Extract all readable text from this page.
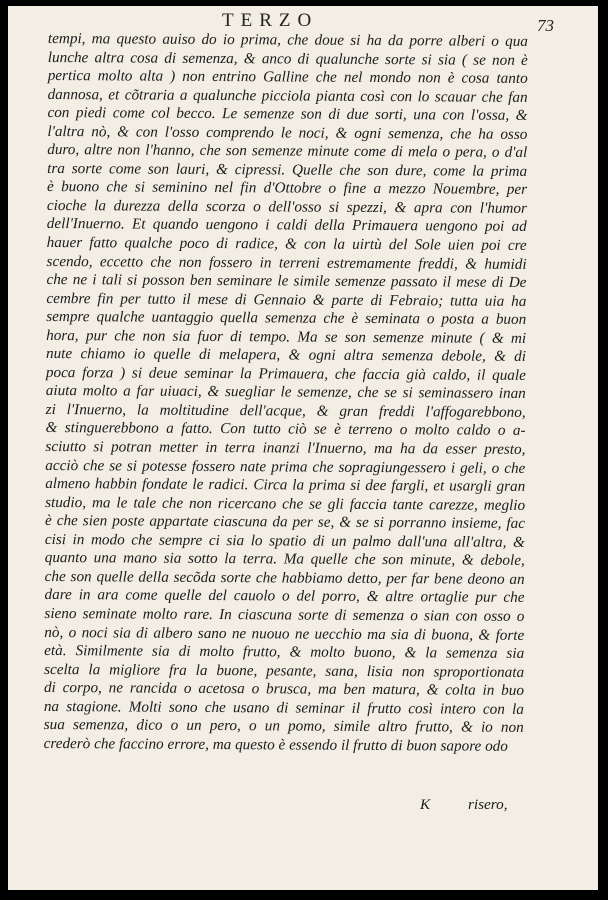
TERZO	73
tempi, ma questo auiso do io prima, che doue si ha da porre alberi o qua
lunche altra cosa di semenza, & anco di qualunche sorte si sia ( se non è
pertica molto alta ) non entrino Galline che nel mondo non è cosa tanto
dannosa, et cõtraria a qualunche picciola pianta così con lo scauar che fan
con piedi come col becco. Le semenze son di due sorti, una con l'ossa, &
l'altra nò, & con l'osso comprendo le noci, & ogni semenza, che ha osso
duro, altre non l'hanno, che son semenze minute come di mela o pera, o d'al
tra sorte come son lauri, & cipressi. Quelle che son dure, come la prima
è buono che si seminino nel fin d'Ottobre o fine a mezzo Nouembre, per
cioche la durezza della scorza o dell'osso si spezzi, & apra con l'humor
dell'Inuerno. Et quando uengono i caldi della Primauera uengono poi ad
hauer fatto qualche poco di radice, & con la uirtù del Sole uien poi cre
scendo, eccetto che non fossero in terreni estremamente freddi, & humidi
che ne i tali si posson ben seminare le simile semenze passato il mese di De
cembre fin per tutto il mese di Gennaio & parte di Febraio; tutta uia ha
sempre qualche uantaggio quella semenza che è seminata o posta a buon
hora, pur che non sia fuor di tempo. Ma se son semenze minute ( & mi
nute chiamo io quelle di melapera, & ogni altra semenza debole, & di
poca forza ) si deue seminar la Primauera, che faccia già caldo, il quale
aiuta molto a far uiuaci, & suegliar le semenze, che se si seminassero inan
zi l'Inuerno, la moltitudine dell'acque, & gran freddi l'affogarebbono,
& stinguerebbono a fatto. Con tutto ciò se è terreno o molto caldo o a-
sciutto si potran metter in terra inanzi l'Inuerno, ma ha da esser presto,
acciò che se si potesse fossero nate prima che sopragiungessero i geli, o che
almeno habbin fondate le radici. Circa la prima si dee fargli, et usargli gran
studio, ma le tale che non ricercano che se gli faccia tante carezze, meglio
è che sien poste appartate ciascuna da per se, & se si porranno insieme, fac
cisi in modo che sempre ci sia lo spatio di un palmo dall'una all'altra, &
quanto una mano sia sotto la terra. Ma quelle che son minute, & debole,
che son quelle della secõda sorte che habbiamo detto, per far bene deono an
dare in ara come quelle del cauolo o del porro, & altre ortaglie pur che
sieno seminate molto rare. In ciascuna sorte di semenza o sian con osso o
nò, o noci sia di albero sano ne nuouo ne uecchio ma sia di buona, & forte
età. Similmente sia di molto frutto, & molto buono, & la semenza sia
scelta la migliore fra la buone, pesante, sana, lisia non sproportionata
di corpo, ne rancida o acetosa o brusca, ma ben matura, & colta in buo
na stagione. Molti sono che usano di seminar il frutto così intero con la
sua semenza, dico o un pero, o un pomo, simile altro frutto, & io non
crederò che faccino errore, ma questo è essendo il frutto di buon sapore odo
K risero,
